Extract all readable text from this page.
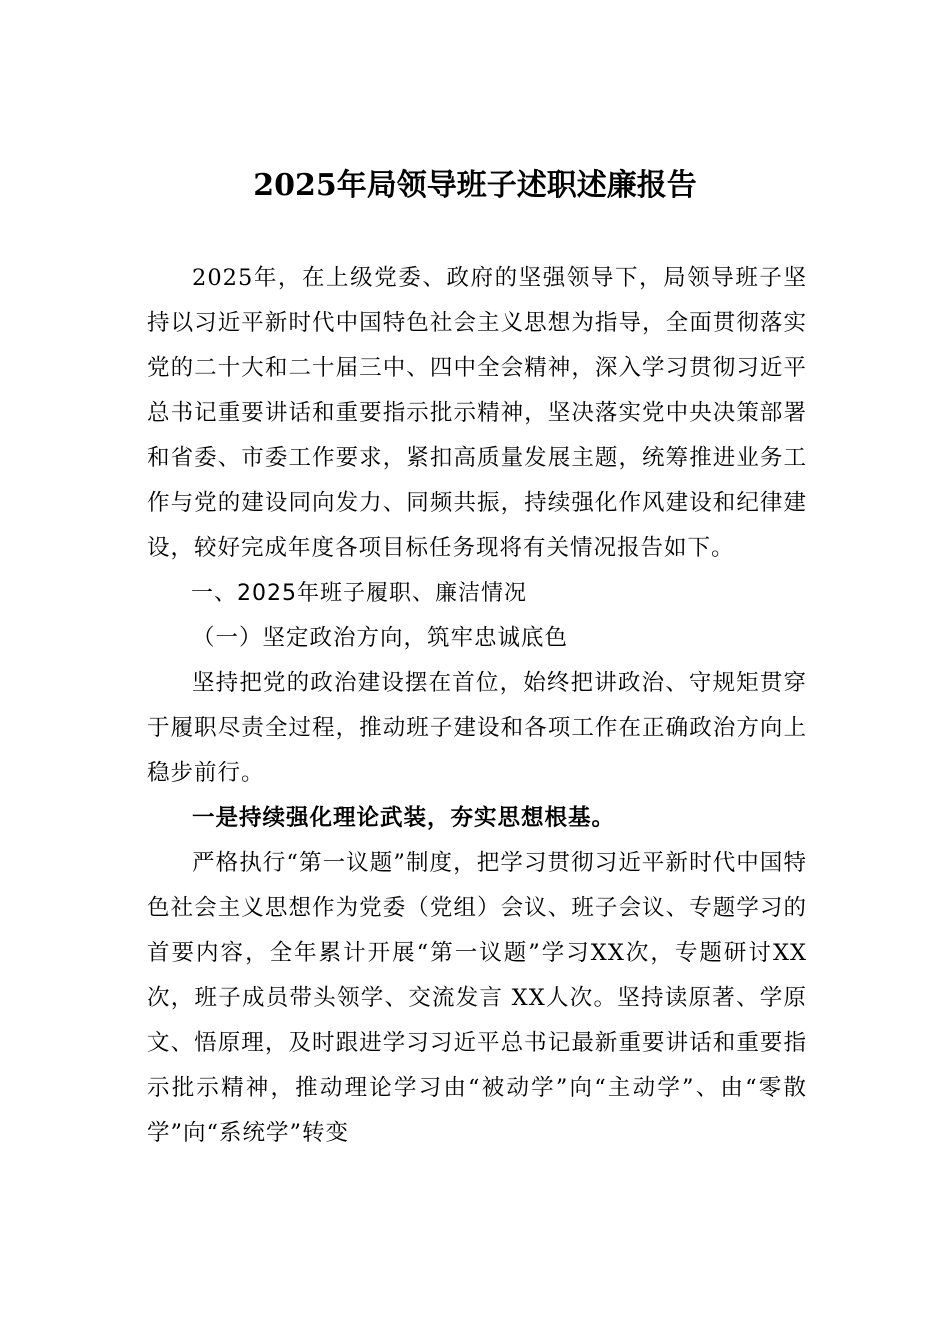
2025年局领导班子述职述廉报告

2025年，在上级党委、政府的坚强领导下，局领导班子坚持以习近平新时代中国特色社会主义思想为指导，全面贯彻落实党的二十大和二十届三中、四中全会精神，深入学习贯彻习近平总书记重要讲话和重要指示批示精神，坚决落实党中央决策部署和省委、市委工作要求，紧扣高质量发展主题，统筹推进业务工作与党的建设同向发力、同频共振，持续强化作风建设和纪律建设，较好完成年度各项目标任务现将有关情况报告如下。

一、2025年班子履职、廉洁情况

（一）坚定政治方向，筑牢忠诚底色

坚持把党的政治建设摆在首位，始终把讲政治、守规矩贯穿于履职尽责全过程，推动班子建设和各项工作在正确政治方向上稳步前行。

一是持续强化理论武装，夯实思想根基。

严格执行“第一议题”制度，把学习贯彻习近平新时代中国特色社会主义思想作为党委（党组）会议、班子会议、专题学习的首要内容，全年累计开展“第一议题”学习XX次，专题研讨XX次，班子成员带头领学、交流发言 XX人次。坚持读原著、学原文、悟原理，及时跟进学习习近平总书记最新重要讲话和重要指示批示精神，推动理论学习由“被动学”向“主动学”、由“零散学”向“系统学”转变
